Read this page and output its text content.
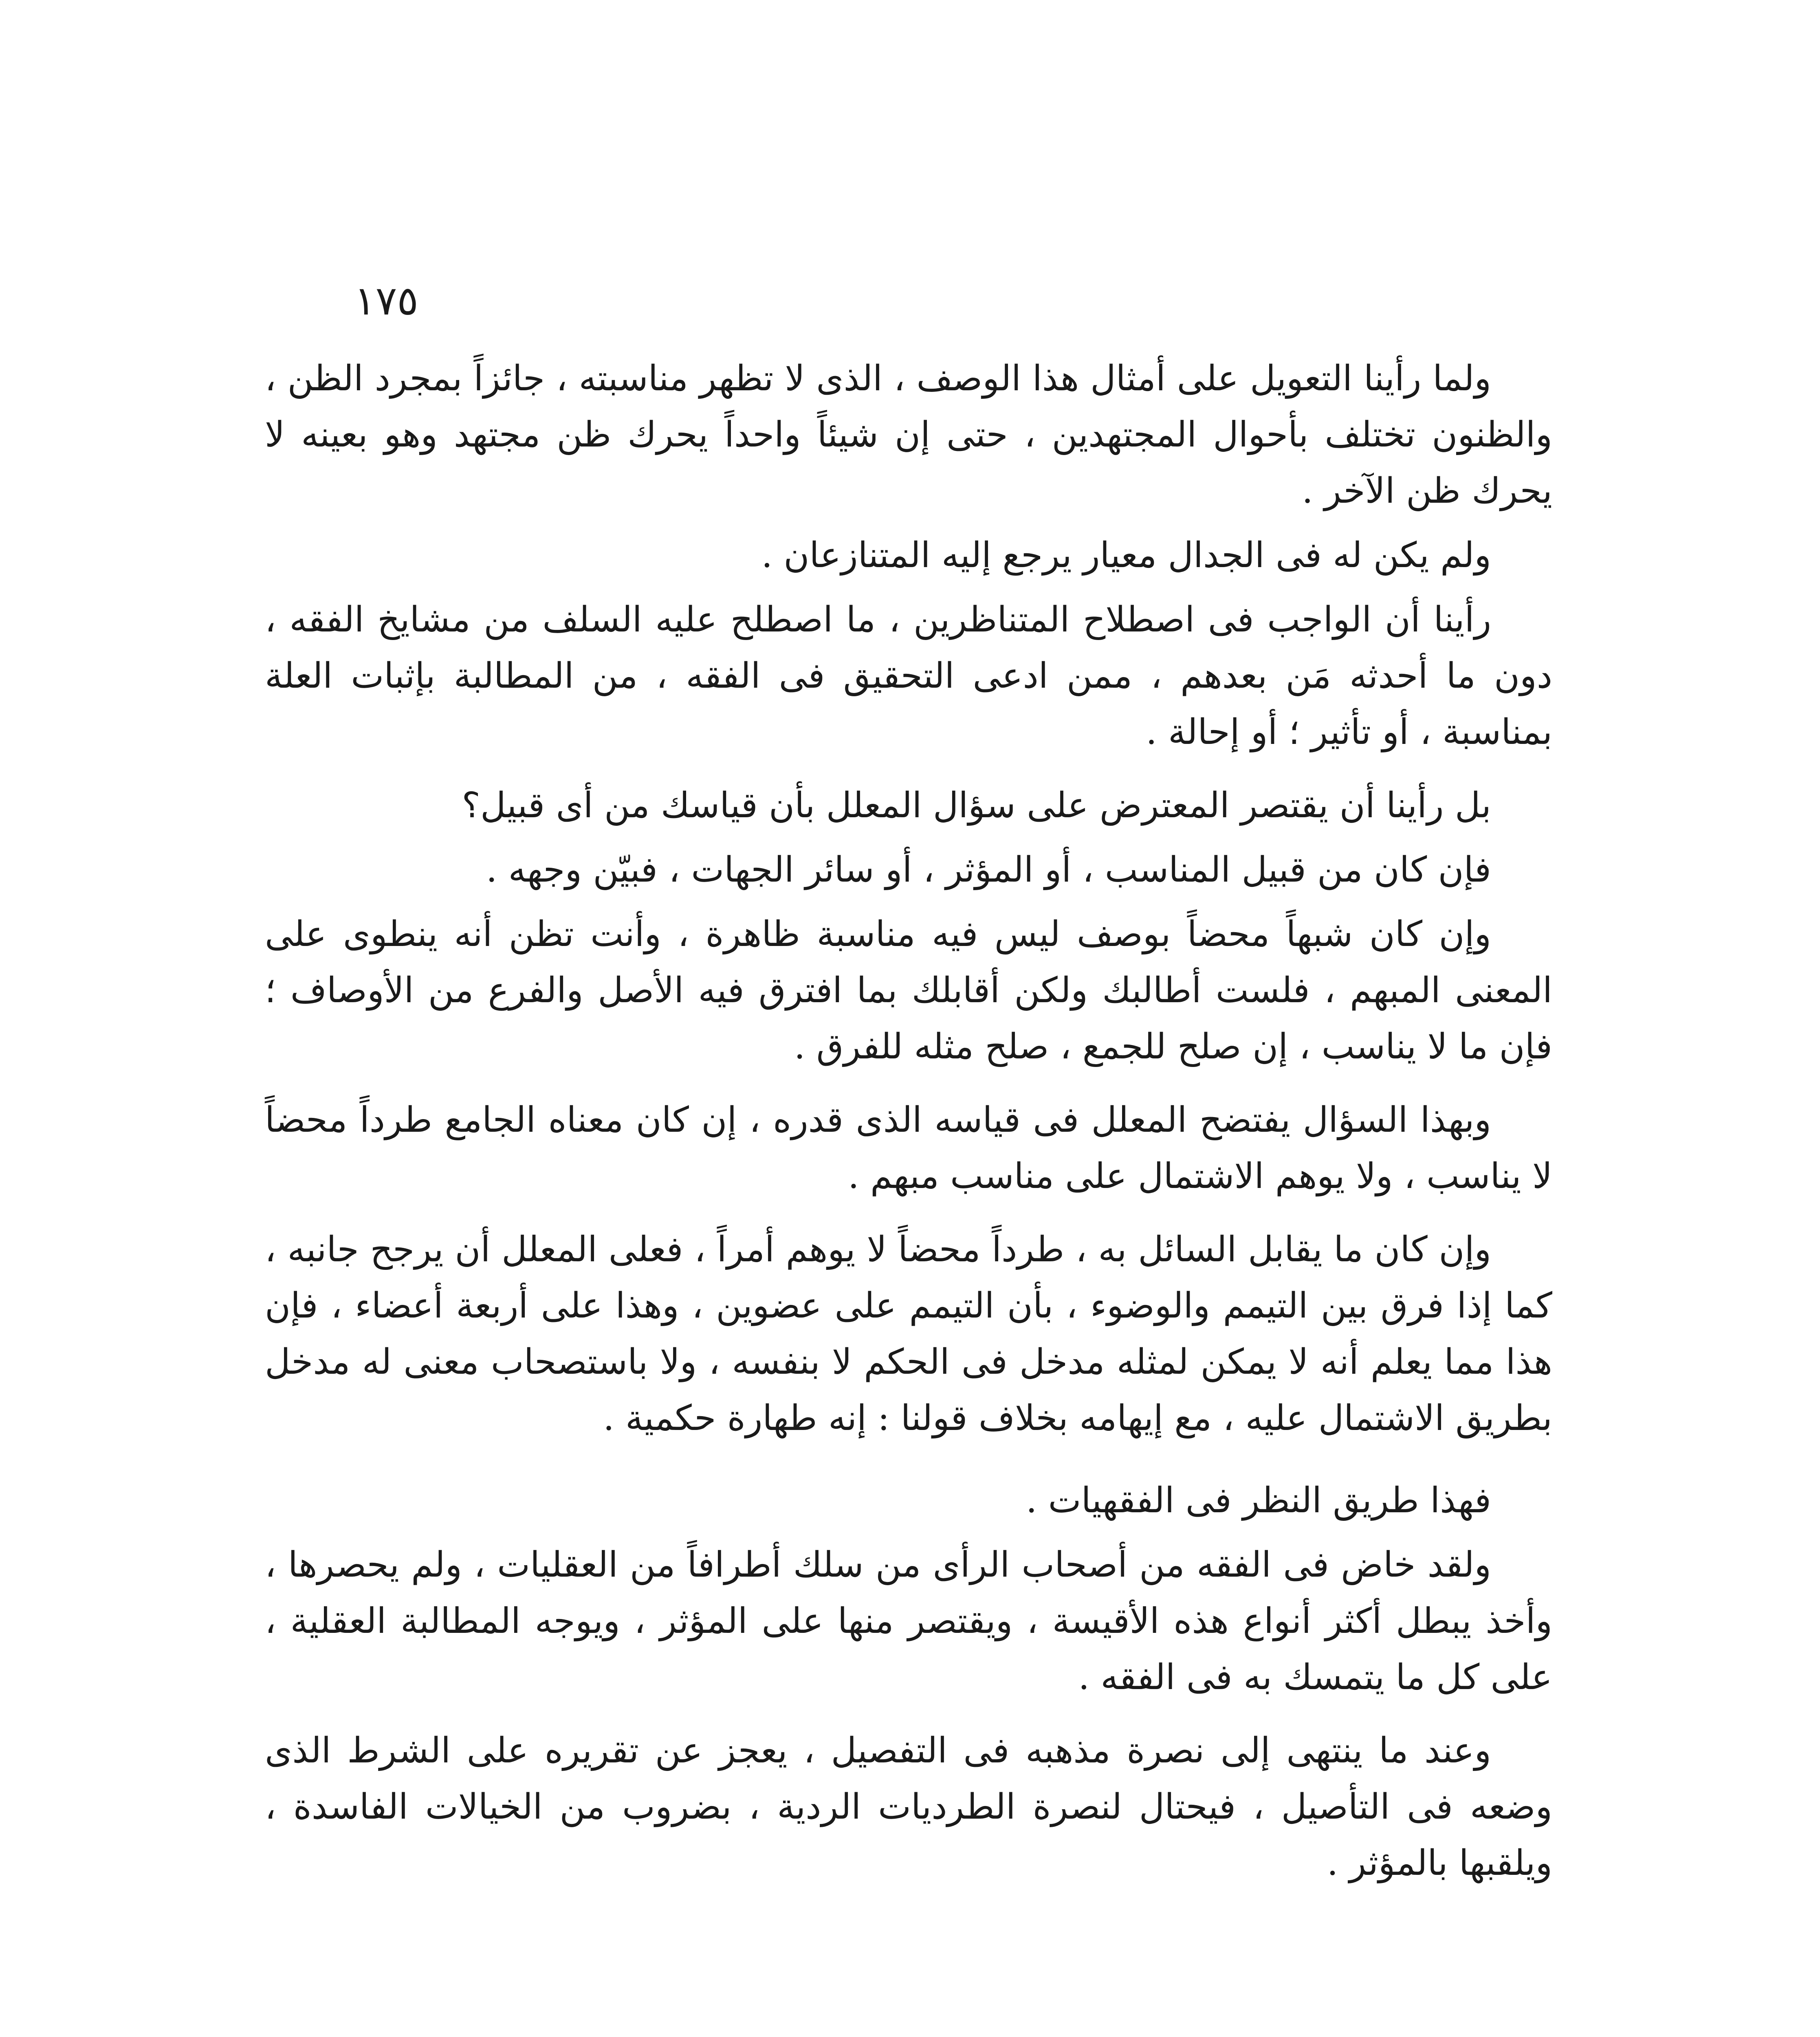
١٧٥

ولما رأينا التعويل على أمثال هذا الوصف ، الذى لا تظهر مناسبته ، جائزاً بمجرد الظن ، والظنون تختلف بأحوال المجتهدين ، حتى إن شيئاً واحداً يحرك ظن مجتهد وهو بعينه لا يحرك ظن الآخر .

ولم يكن له فى الجدال معيار يرجع إليه المتنازعان .

رأينا أن الواجب فى اصطلاح المتناظرين ، ما اصطلح عليه السلف من مشايخ الفقه ، دون ما أحدثه مَن بعدهم ، ممن ادعى التحقيق فى الفقه ، من المطالبة بإثبات العلة بمناسبة ، أو تأثير ؛ أو إحالة .

بل رأينا أن يقتصر المعترض على سؤال المعلل بأن قياسك من أى قبيل؟

فإن كان من قبيل المناسب ، أو المؤثر ، أو سائر الجهات ، فبيّن وجهه .

وإن كان شبهاً محضاً بوصف ليس فيه مناسبة ظاهرة ، وأنت تظن أنه ينطوى على المعنى المبهم ، فلست أطالبك ولكن أقابلك بما افترق فيه الأصل والفرع من الأوصاف ؛ فإن ما لا يناسب ، إن صلح للجمع ، صلح مثله للفرق .

وبهذا السؤال يفتضح المعلل فى قياسه الذى قدره ، إن كان معناه الجامع طرداً محضاً لا يناسب ، ولا يوهم الاشتمال على مناسب مبهم .

وإن كان ما يقابل السائل به ، طرداً محضاً لا يوهم أمراً ، فعلى المعلل أن يرجح جانبه ، كما إذا فرق بين التيمم والوضوء ، بأن التيمم على عضوين ، وهذا على أربعة أعضاء ، فإن هذا مما يعلم أنه لا يمكن لمثله مدخل فى الحكم لا بنفسه ، ولا باستصحاب معنى له مدخل بطريق الاشتمال عليه ، مع إيهامه بخلاف قولنا : إنه طهارة حكمية .

فهذا طريق النظر فى الفقهيات .

ولقد خاض فى الفقه من أصحاب الرأى من سلك أطرافاً من العقليات ، ولم يحصرها ، وأخذ يبطل أكثر أنواع هذه الأقيسة ، ويقتصر منها على المؤثر ، ويوجه المطالبة العقلية ، على كل ما يتمسك به فى الفقه .

وعند ما ينتهى إلى نصرة مذهبه فى التفصيل ، يعجز عن تقريره على الشرط الذى وضعه فى التأصيل ، فيحتال لنصرة الطرديات الردية ، بضروب من الخيالات الفاسدة ، ويلقبها بالمؤثر .
